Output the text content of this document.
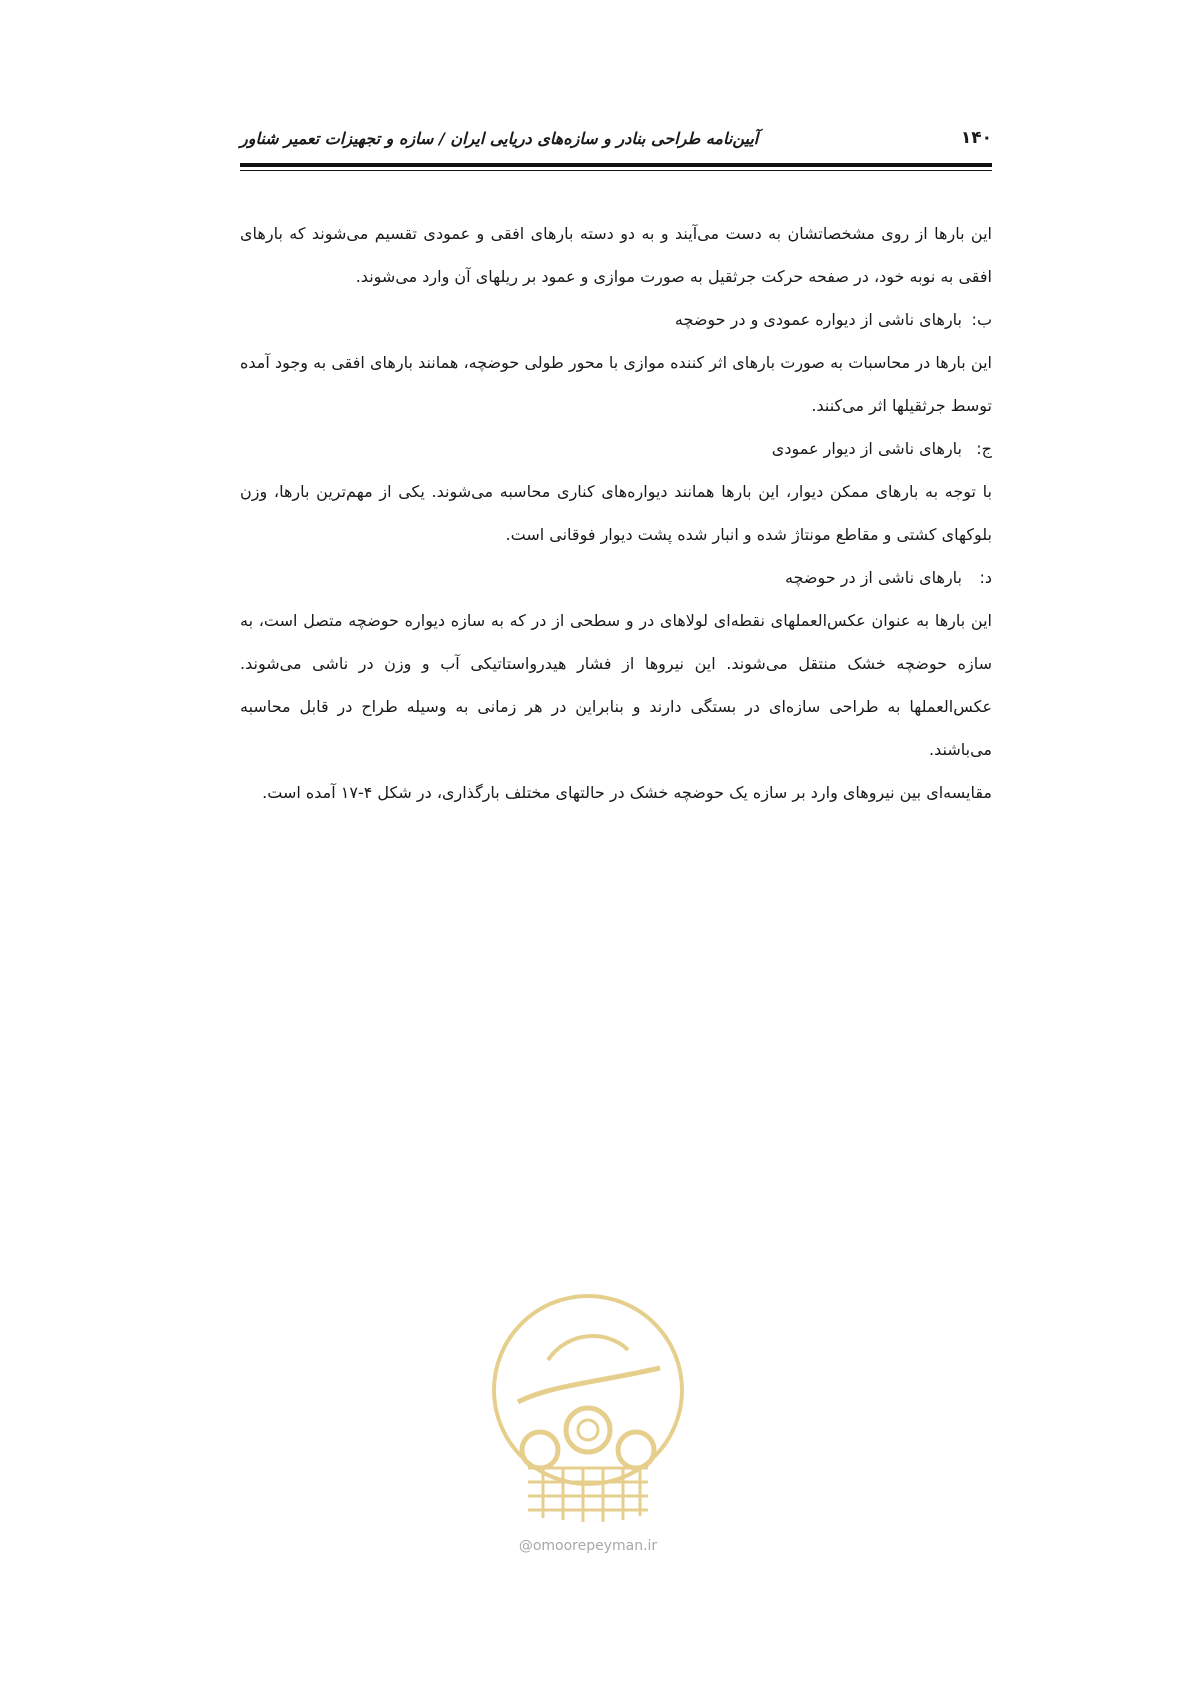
۱۴۰
آیین‌نامه طراحی بنادر و سازه‌های دریایی ایران / سازه و تجهیزات تعمیر شناور

این بارها از روی مشخصاتشان به دست می‌آیند و به دو دسته بارهای افقی و عمودی تقسیم می‌شوند که بارهای افقی به نوبه خود، در صفحه حرکت جرثقیل به صورت موازی و عمود بر ریلهای آن وارد می‌شوند.

ب:
بارهای ناشی از دیواره عمودی و در حوضچه

این بارها در محاسبات به صورت بارهای اثر کننده موازی با محور طولی حوضچه، همانند بارهای افقی به وجود آمده توسط جرثقیلها اثر می‌کنند.

ج:
بارهای ناشی از دیوار عمودی

با توجه به بارهای ممکن دیوار، این بارها همانند دیواره‌های کناری محاسبه می‌شوند. یکی از مهم‌ترین بارها، وزن بلوکهای کشتی و مقاطع مونتاژ شده و انبار شده پشت دیوار فوقانی است.

د:
بارهای ناشی از در حوضچه

این بارها به عنوان عکس‌العملهای نقطه‌ای لولاهای در و سطحی از در که به سازه دیواره حوضچه متصل است، به سازه حوضچه خشک منتقل می‌شوند. این نیروها از فشار هیدرواستاتیکی آب و وزن در ناشی می‌شوند. عکس‌العملها به طراحی سازه‌ای در بستگی دارند و بنابراین در هر زمانی به وسیله طراح در قابل محاسبه می‌باشند.

مقایسه‌ای بین نیروهای وارد بر سازه یک حوضچه خشک در حالتهای مختلف بارگذاری، در شکل ۴-۱۷ آمده است.

@omoorepeyman.ir
